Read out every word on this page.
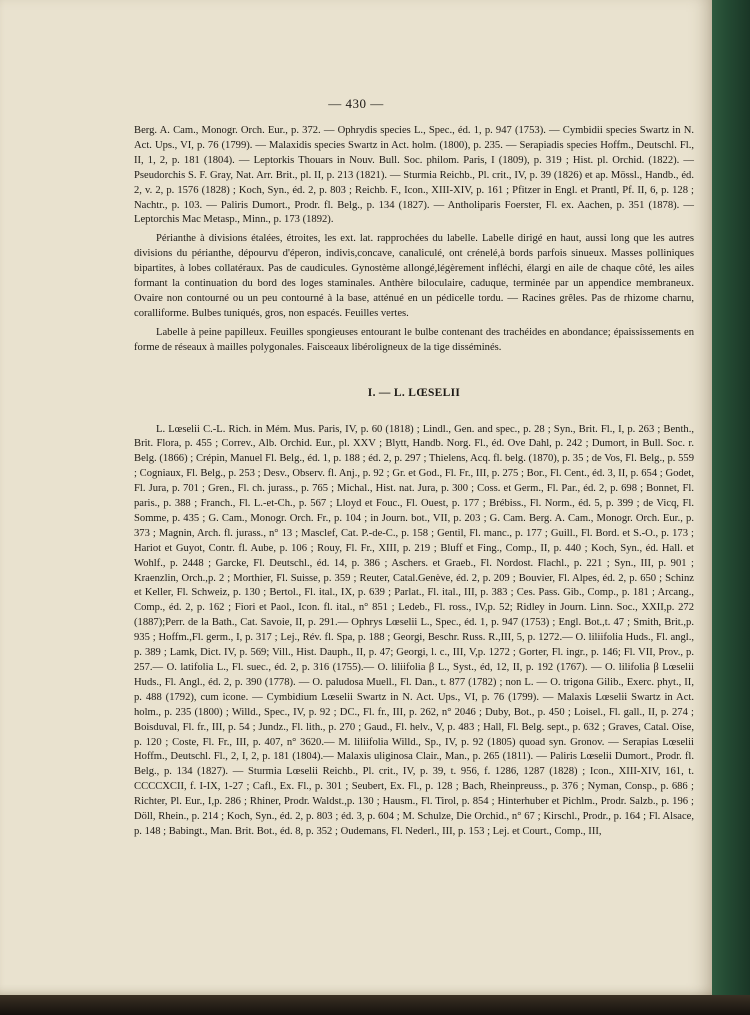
— 430 —

Berg. A. Cam., Monogr. Orch. Eur., p. 372. — Ophrydis species L., Spec., éd. 1, p. 947 (1753). — Cymbidii species Swartz in N. Act. Ups., VI, p. 76 (1799). — Malaxidis species Swartz in Act. holm. (1800), p. 235. — Serapiadis species Hoffm., Deutschl. Fl., II, 1, 2, p. 181 (1804). — Leptorkis Thouars in Nouv. Bull. Soc. philom. Paris, I (1809), p. 319 ; Hist. pl. Orchid. (1822). — Pseudorchis S. F. Gray, Nat. Arr. Brit., pl. II, p. 213 (1821). — Sturmia Reichb., Pl. crit., IV, p. 39 (1826) et ap. Mössl., Handb., éd. 2, v. 2, p. 1576 (1828) ; Koch, Syn., éd. 2, p. 803 ; Reichb. F., Icon., XIII-XIV, p. 161 ; Pfitzer in Engl. et Prantl, Pf. II, 6, p. 128 ; Nachtr., p. 103. — Paliris Dumort., Prodr. fl. Belg., p. 134 (1827). — Antholiparis Foerster, Fl. ex. Aachen, p. 351 (1878). — Leptorchis Mac Metasp., Minn., p. 173 (1892).

Périanthe à divisions étalées, étroites, les ext. lat. rapprochées du labelle. Labelle dirigé en haut, aussi long que les autres divisions du périanthe, dépourvu d'éperon, indivis,concave, canaliculé, ont crénelé,à bords parfois sinueux. Masses polliniques bipartites, à lobes collatéraux. Pas de caudicules. Gynostème allongé,légèrement infléchi, élargi en aile de chaque côté, les ailes formant la continuation du bord des loges staminales. Anthère biloculaire, caduque, terminée par un appendice membraneux. Ovaire non contourné ou un peu contourné à la base, atténué en un pédicelle tordu. — Racines grêles. Pas de rhizome charnu, coralliforme. Bulbes tuniqués, gros, non espacés. Feuilles vertes.

Labelle à peine papilleux. Feuilles spongieuses entourant le bulbe contenant des trachéides en abondance; épaississements en forme de réseaux à mailles polygonales. Faisceaux libéroligneux de la tige disséminés.

I. — L. LŒSELII

L. Lœselii C.-L. Rich. in Mém. Mus. Paris, IV, p. 60 (1818) ; Lindl., Gen. and spec., p. 28 ; Syn., Brit. Fl., I, p. 263 ; Benth., Brit. Flora, p. 455 ; Correv., Alb. Orchid. Eur., pl. XXV ; Blytt, Handb. Norg. Fl., éd. Ove Dahl, p. 242 ; Dumort, in Bull. Soc. r. Belg. (1866) ; Crépin, Manuel Fl. Belg., éd. 1, p. 188 ; éd. 2, p. 297 ; Thielens, Acq. fl. belg. (1870), p. 35 ; de Vos, Fl. Belg., p. 559 ; Cogniaux, Fl. Belg., p. 253 ; Desv., Observ. fl. Anj., p. 92 ; Gr. et God., Fl. Fr., III, p. 275 ; Bor., Fl. Cent., éd. 3, II, p. 654 ; Godet, Fl. Jura, p. 701 ; Gren., Fl. ch. jurass., p. 765 ; Michal., Hist. nat. Jura, p. 300 ; Coss. et Germ., Fl. Par., éd. 2, p. 698 ; Bonnet, Fl. paris., p. 388 ; Franch., Fl. L.-et-Ch., p. 567 ; Lloyd et Fouc., Fl. Ouest, p. 177 ; Brébiss., Fl. Norm., éd. 5, p. 399 ; de Vicq, Fl. Somme, p. 435 ; G. Cam., Monogr. Orch. Fr., p. 104 ; in Journ. bot., VII, p. 203 ; G. Cam. Berg. A. Cam., Monogr. Orch. Eur., p. 373 ; Magnin, Arch. fl. jurass., n° 13 ; Masclef, Cat. P.-de-C., p. 158 ; Gentil, Fl. manc., p. 177 ; Guill., Fl. Bord. et S.-O., p. 173 ; Hariot et Guyot, Contr. fl. Aube, p. 106 ; Rouy, Fl. Fr., XIII, p. 219 ; Bluff et Fing., Comp., II, p. 440 ; Koch, Syn., éd. Hall. et Wohlf., p. 2448 ; Garcke, Fl. Deutschl., éd. 14, p. 386 ; Aschers. et Graeb., Fl. Nordost. Flachl., p. 221 ; Syn., III, p. 901 ; Kraenzlin, Orch.,p. 2 ; Morthier, Fl. Suisse, p. 359 ; Reuter, Catal.Genève, éd. 2, p. 209 ; Bouvier, Fl. Alpes, éd. 2, p. 650 ; Schinz et Keller, Fl. Schweiz, p. 130 ; Bertol., Fl. ital., IX, p. 639 ; Parlat., Fl. ital., III, p. 383 ; Ces. Pass. Gib., Comp., p. 181 ; Arcang., Comp., éd. 2, p. 162 ; Fiori et Paol., Icon. fl. ital., n° 851 ; Ledeb., Fl. ross., IV,p. 52; Ridley in Journ. Linn. Soc., XXII,p. 272 (1887);Perr. de la Bath., Cat. Savoie, II, p. 291.— Ophrys Lœselii L., Spec., éd. 1, p. 947 (1753) ; Engl. Bot.,t. 47 ; Smith, Brit.,p. 935 ; Hoffm.,Fl. germ., I, p. 317 ; Lej., Rév. fl. Spa, p. 188 ; Georgi, Beschr. Russ. R.,III, 5, p. 1272.— O. liliifolia Huds., Fl. angl., p. 389 ; Lamk, Dict. IV, p. 569; Vill., Hist. Dauph., II, p. 47; Georgi, l. c., III, V,p. 1272 ; Gorter, Fl. ingr., p. 146; Fl. VII, Prov., p. 257.— O. latifolia L., Fl. suec., éd. 2, p. 316 (1755).— O. liliifolia β L., Syst., éd, 12, II, p. 192 (1767). — O. lilifolia β Lœselii Huds., Fl. Angl., éd. 2, p. 390 (1778). — O. paludosa Muell., Fl. Dan., t. 877 (1782) ; non L. — O. trigona Gilib., Exerc. phyt., II, p. 488 (1792), cum icone. — Cymbidium Lœselii Swartz in N. Act. Ups., VI, p. 76 (1799). — Malaxis Lœselii Swartz in Act. holm., p. 235 (1800) ; Willd., Spec., IV, p. 92 ; DC., Fl. fr., III, p. 262, n° 2046 ; Duby, Bot., p. 450 ; Loisel., Fl. gall., II, p. 274 ; Boisduval, Fl. fr., III, p. 54 ; Jundz., Fl. lith., p. 270 ; Gaud., Fl. helv., V, p. 483 ; Hall, Fl. Belg. sept., p. 632 ; Graves, Catal. Oise, p. 120 ; Coste, Fl. Fr., III, p. 407, n° 3620.— M. liliifolia Willd., Sp., IV, p. 92 (1805) quoad syn. Gronov. — Serapias Lœselii Hoffm., Deutschl. Fl., 2, I, 2, p. 181 (1804).— Malaxis uliginosa Clair., Man., p. 265 (1811). — Paliris Lœselii Dumort., Prodr. fl. Belg., p. 134 (1827). — Sturmia Lœselii Reichb., Pl. crit., IV, p. 39, t. 956, f. 1286, 1287 (1828) ; Icon., XIII-XIV, 161, t. CCCCXCII, f. I-IX, 1-27 ; Cafl., Ex. Fl., p. 301 ; Seubert, Ex. Fl., p. 128 ; Bach, Rheinpreuss., p. 376 ; Nyman, Consp., p. 686 ; Richter, Pl. Eur., I,p. 286 ; Rhiner, Prodr. Waldst.,p. 130 ; Hausm., Fl. Tirol, p. 854 ; Hinterhuber et Pichlm., Prodr. Salzb., p. 196 ; Döll, Rhein., p. 214 ; Koch, Syn., éd. 2, p. 803 ; éd. 3, p. 604 ; M. Schulze, Die Orchid., n° 67 ; Kirschl., Prodr., p. 164 ; Fl. Alsace, p. 148 ; Babingt., Man. Brit. Bot., éd. 8, p. 352 ; Oudemans, Fl. Nederl., III, p. 153 ; Lej. et Court., Comp., III,
